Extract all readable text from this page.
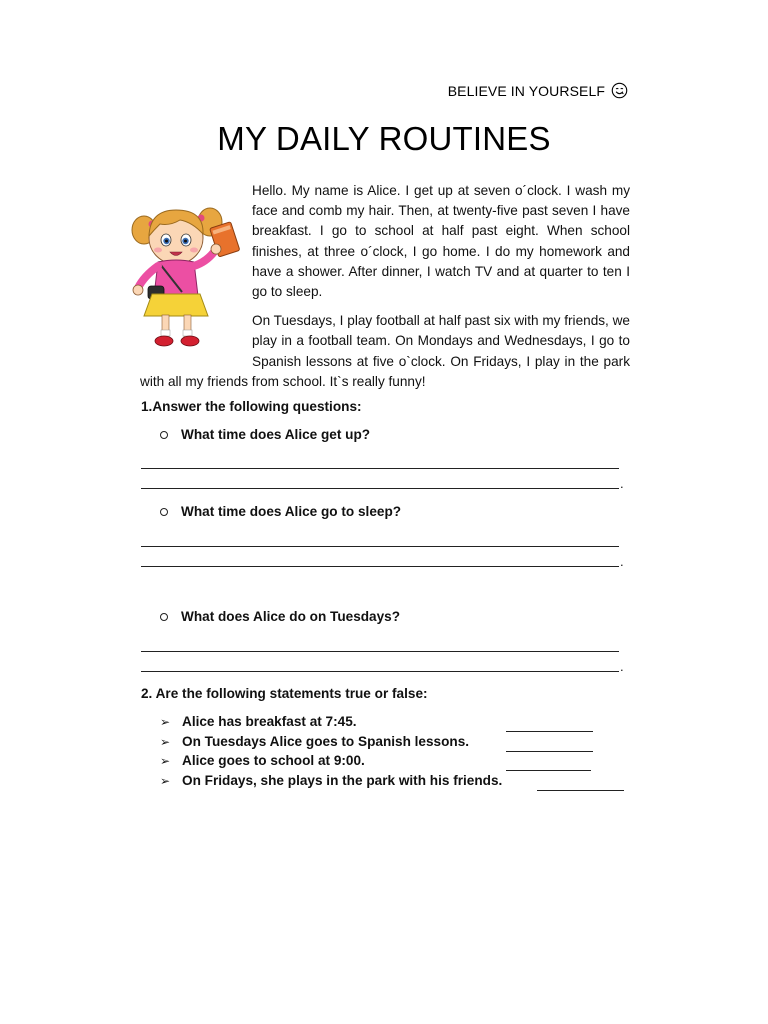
BELIEVE IN YOURSELF
MY DAILY ROUTINES

Hello. My name is Alice. I get up at seven o´clock. I wash my face and comb my hair. Then, at twenty-five past seven I have breakfast. I go to school at half past eight. When school finishes, at three o´clock, I go home. I do my homework and have a shower. After dinner, I watch TV and at quarter to ten I go to sleep.

On Tuesdays, I play football at half past six with my friends, we play in a football team. On Mondays and Wednesdays, I go to Spanish lessons at five o`clock. On Fridays, I play in the park with all my friends from school. It`s really funny!

1.Answer the following questions:
What time does Alice get up?
.
What time does Alice go to sleep?
.
What does Alice do on Tuesdays?
.
2. Are the following statements true or false:
➢ Alice has breakfast at 7:45.
➢ On Tuesdays Alice goes to Spanish lessons.
➢ Alice goes to school at 9:00.
➢ On Fridays, she plays in the park with his friends.
